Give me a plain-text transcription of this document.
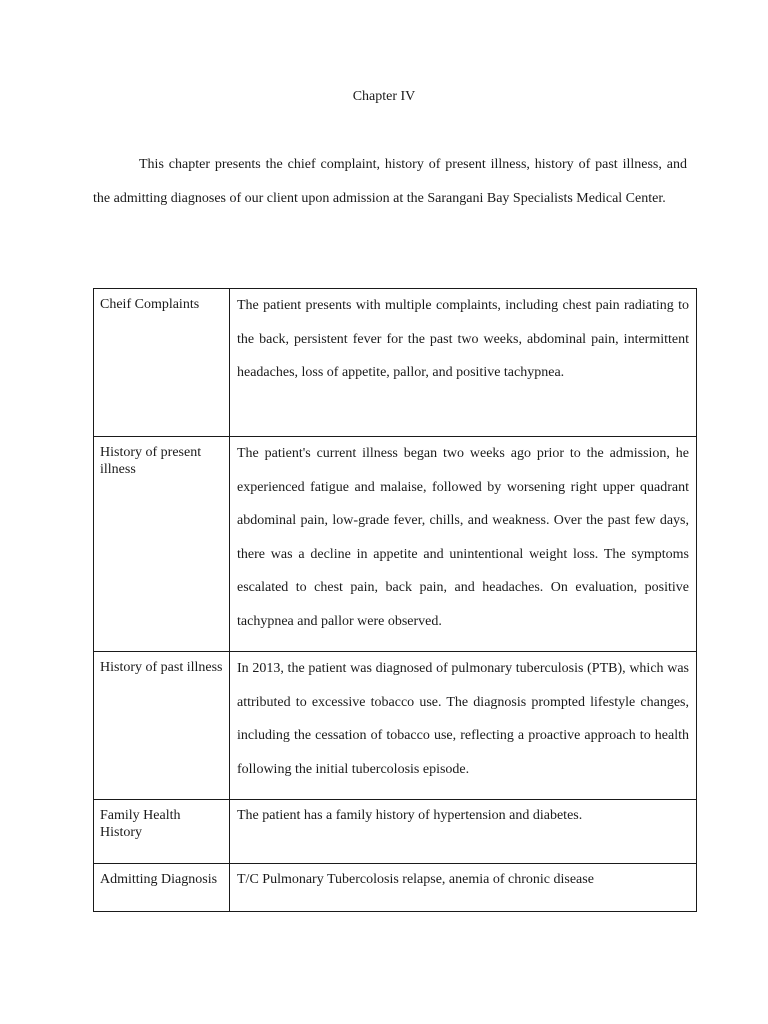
Chapter IV

This chapter presents the chief complaint, history of present illness, history of past illness, and the admitting diagnoses of our client upon admission at the Sarangani Bay Specialists Medical Center.

Cheif Complaints	The patient presents with multiple complaints, including chest pain radiating to the back, persistent fever for the past two weeks, abdominal pain, intermittent headaches, loss of appetite, pallor, and positive tachypnea.

History of present illness	The patient's current illness began two weeks ago prior to the admission, he experienced fatigue and malaise, followed by worsening right upper quadrant abdominal pain, low-grade fever, chills, and weakness. Over the past few days, there was a decline in appetite and unintentional weight loss. The symptoms escalated to chest pain, back pain, and headaches. On evaluation, positive tachypnea and pallor were observed.

History of past illness	In 2013, the patient was diagnosed of pulmonary tuberculosis (PTB), which was attributed to excessive tobacco use. The diagnosis prompted lifestyle changes, including the cessation of tobacco use, reflecting a proactive approach to health following the initial tubercolosis episode.

Family Health History	The patient has a family history of hypertension and diabetes.

Admitting Diagnosis	T/C Pulmonary Tubercolosis relapse, anemia of chronic disease
